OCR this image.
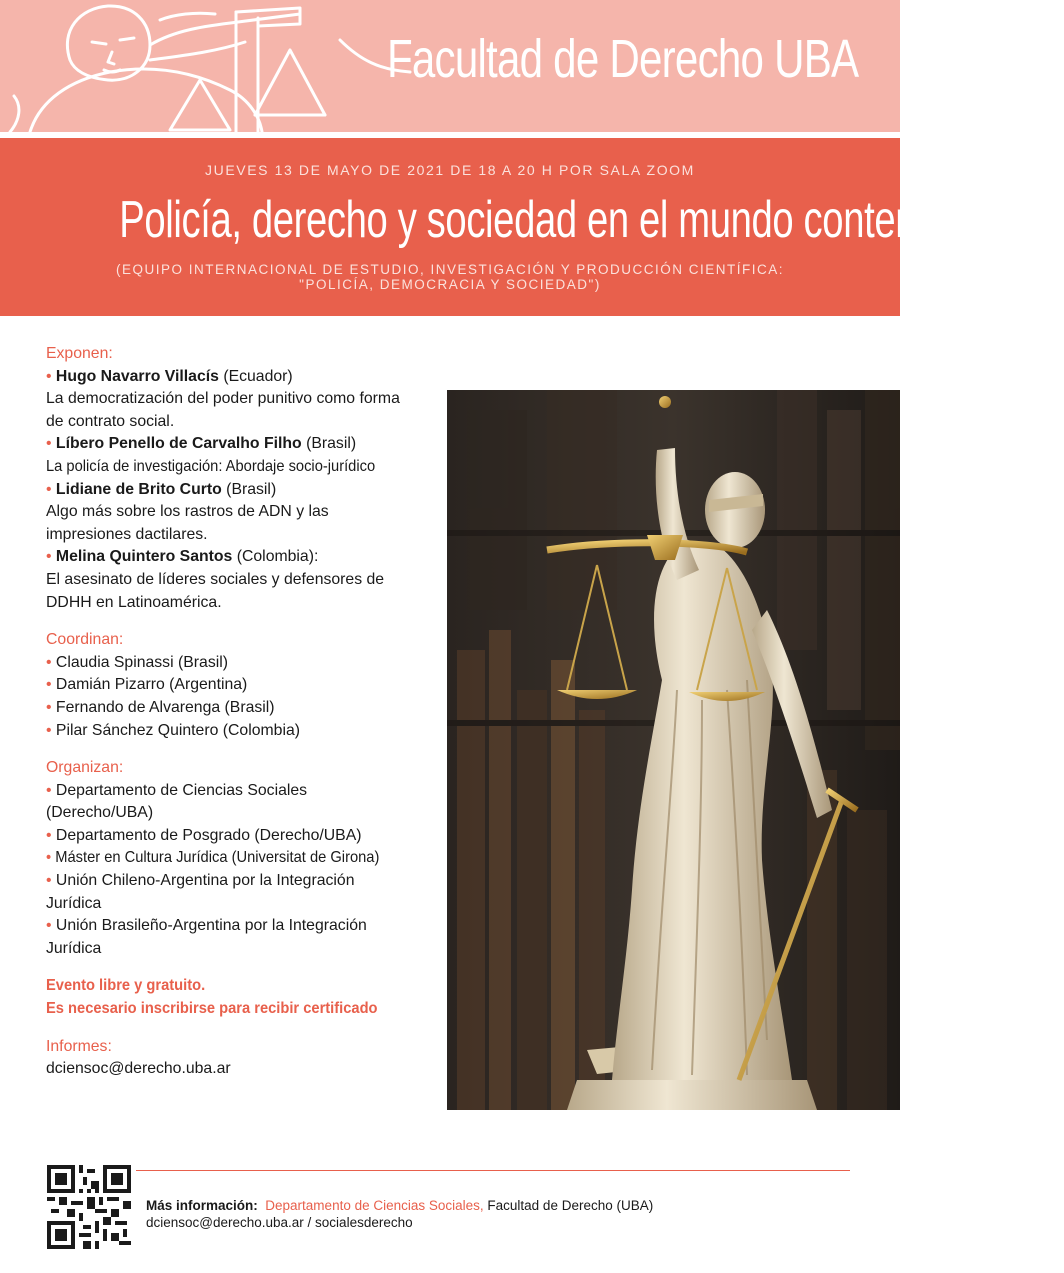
Facultad de Derecho UBA
JUEVES 13 DE MAYO DE 2021 DE 18 A 20 H POR SALA ZOOM
Policía, derecho y sociedad en el mundo contemporáneo
(EQUIPO INTERNACIONAL DE ESTUDIO, INVESTIGACIÓN Y PRODUCCIÓN CIENTÍFICA:
"POLICÍA, DEMOCRACIA Y SOCIEDAD")

Exponen:

• Hugo Navarro Villacís (Ecuador)

La democratización del poder punitivo como forma

de contrato social.

• Líbero Penello de Carvalho Filho (Brasil)

La policía de investigación: Abordaje socio-jurídico

• Lidiane de Brito Curto (Brasil)

Algo más sobre los rastros de ADN y las

impresiones dactilares.

• Melina Quintero Santos (Colombia):

El asesinato de líderes sociales y defensores de

DDHH en Latinoamérica.

Coordinan:

• Claudia Spinassi (Brasil)

• Damián Pizarro (Argentina)

• Fernando de Alvarenga (Brasil)

• Pilar Sánchez Quintero (Colombia)

Organizan:

• Departamento de Ciencias Sociales

(Derecho/UBA)

• Departamento de Posgrado (Derecho/UBA)

• Máster en Cultura Jurídica (Universitat de Girona)

• Unión Chileno-Argentina por la Integración

Jurídica

• Unión Brasileño-Argentina por la Integración

Jurídica

Evento libre y gratuito.

Es necesario inscribirse para recibir certificado

Informes:

dciensoc@derecho.uba.ar

Más información: Departamento de Ciencias Sociales, Facultad de Derecho (UBA)
dciensoc@derecho.uba.ar / socialesderecho
